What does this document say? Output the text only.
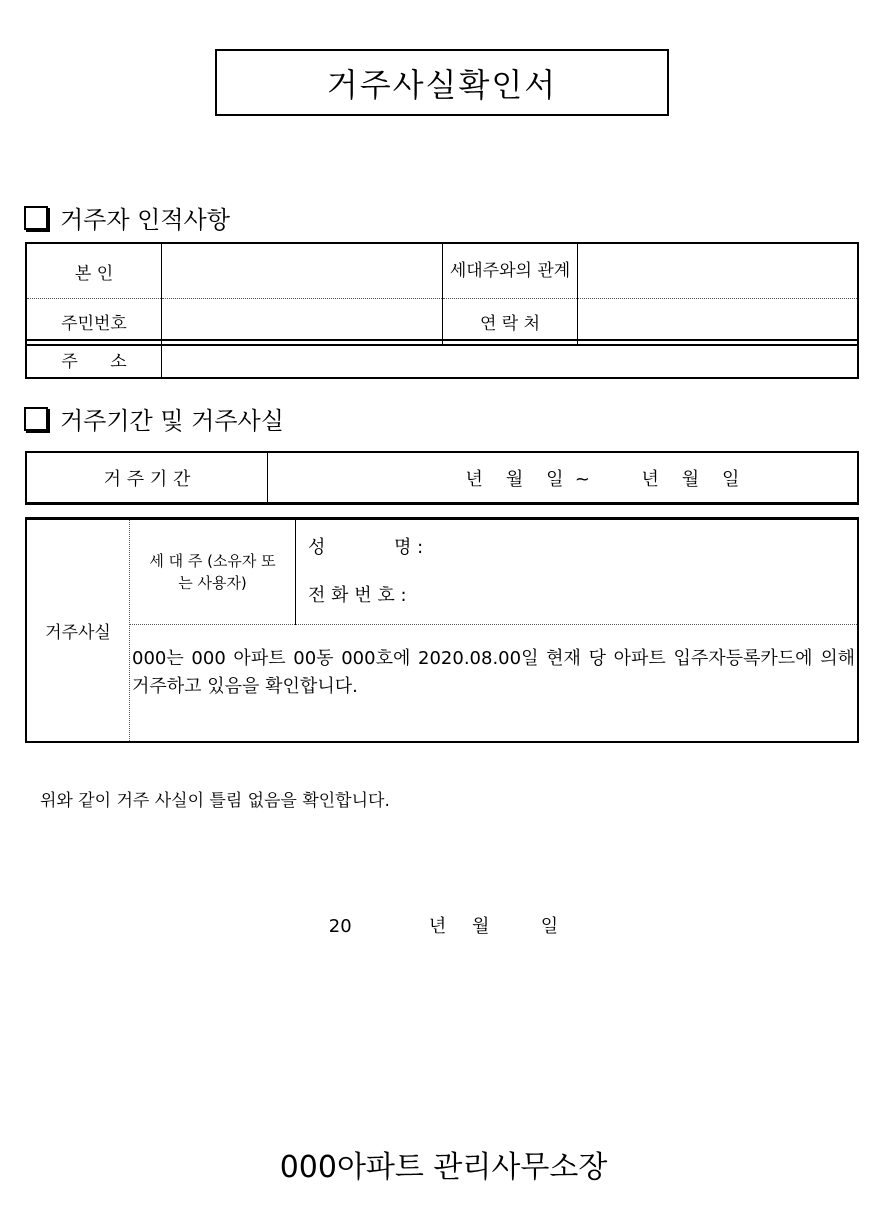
거주사실확인서
거주자 인적사항
본 인		세대주와의 관계	
주민번호		연 락 처	
주      소	
거주기간 및 거주사실
거 주 기 간	년    월    일  ~         년    월    일
거주사실	세 대 주 (소유자 또는 사용자)	
성            명 :
전 화 번 호 :

000는 000 아파트 00동 000호에 2020.08.00일 현재 당 아파트 입주자등록카드에 의해 거주하고 있음을 확인합니다.
위와 같이 거주 사실이 틀림 없음을 확인합니다.
20   년 월  일
000아파트 관리사무소장
